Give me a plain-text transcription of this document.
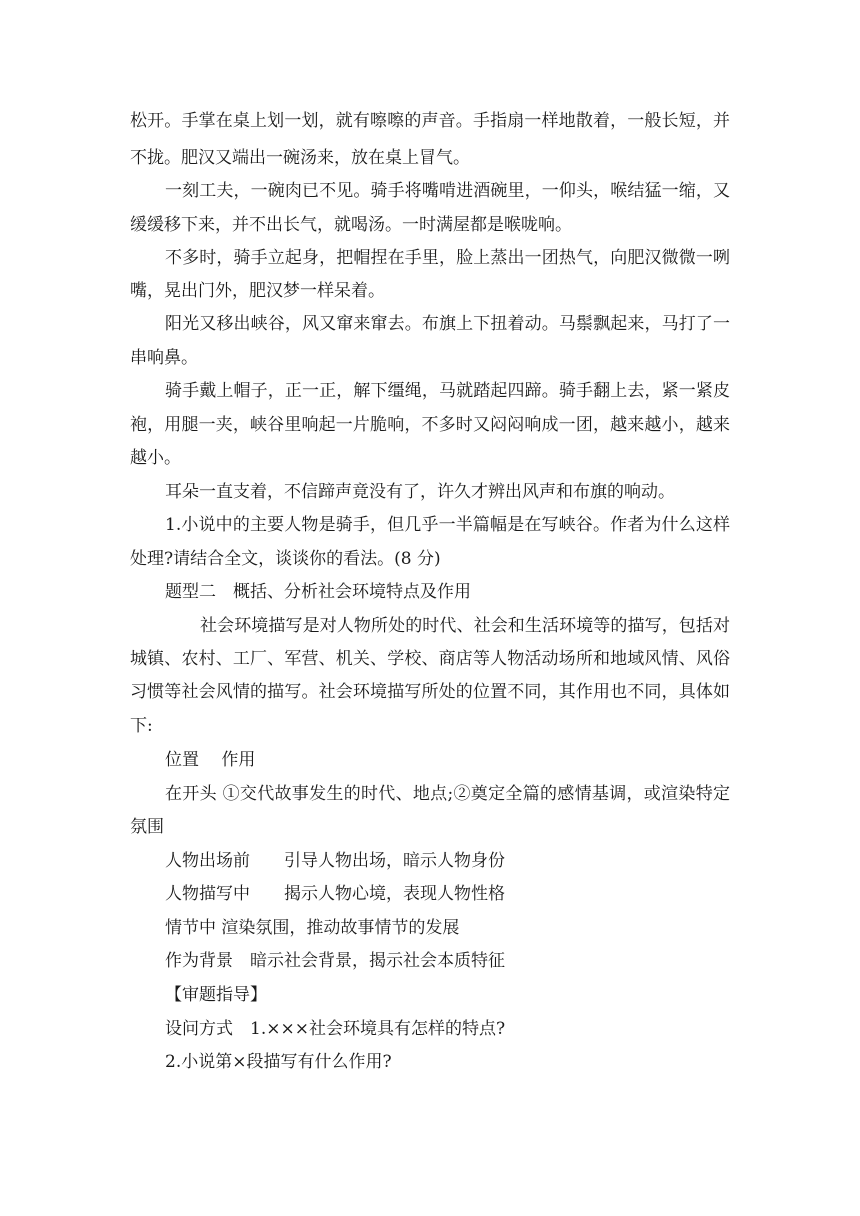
松开。手掌在桌上划一划，就有嚓嚓的声音。手指扇一样地散着，一般长短，并
不拢。肥汉又端出一碗汤来，放在桌上冒气。
一刻工夫，一碗肉已不见。骑手将嘴啃进酒碗里，一仰头，喉结猛一缩，又
缓缓移下来，并不出长气，就喝汤。一时满屋都是喉咙响。
不多时，骑手立起身，把帽捏在手里，脸上蒸出一团热气，向肥汉微微一咧
嘴，晃出门外，肥汉梦一样呆着。
阳光又移出峡谷，风又窜来窜去。布旗上下扭着动。马鬃飘起来，马打了一
串响鼻。
骑手戴上帽子，正一正，解下缰绳，马就踏起四蹄。骑手翻上去，紧一紧皮
袍，用腿一夹，峡谷里响起一片脆响，不多时又闷闷响成一团，越来越小，越来
越小。
耳朵一直支着，不信蹄声竟没有了，许久才辨出风声和布旗的响动。
1.小说中的主要人物是骑手，但几乎一半篇幅是在写峡谷。作者为什么这样
处理?请结合全文，谈谈你的看法。(8 分)
题型二　概括、分析社会环境特点及作用
社会环境描写是对人物所处的时代、社会和生活环境等的描写，包括对
城镇、农村、工厂、军营、机关、学校、商店等人物活动场所和地域风情、风俗
习惯等社会风情的描写。社会环境描写所处的位置不同，其作用也不同，具体如
下:
位置　 作用
在开头 ①交代故事发生的时代、地点;②奠定全篇的感情基调，或渲染特定
氛围
人物出场前　　引导人物出场，暗示人物身份
人物描写中　　揭示人物心境，表现人物性格
情节中 渲染氛围，推动故事情节的发展
作为背景　暗示社会背景，揭示社会本质特征
【审题指导】
设问方式　1.×××社会环境具有怎样的特点?
2.小说第×段描写有什么作用?
